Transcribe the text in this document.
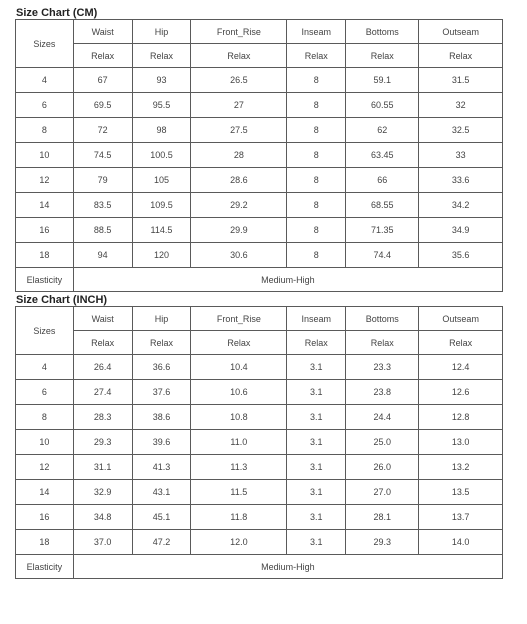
Size Chart (CM)
Sizes	Waist	Hip	Front_Rise	Inseam	Bottoms	Outseam
	Relax	Relax	Relax	Relax	Relax	Relax
4	67	93	26.5	8	59.1	31.5
6	69.5	95.5	27	8	60.55	32
8	72	98	27.5	8	62	32.5
10	74.5	100.5	28	8	63.45	33
12	79	105	28.6	8	66	33.6
14	83.5	109.5	29.2	8	68.55	34.2
16	88.5	114.5	29.9	8	71.35	34.9
18	94	120	30.6	8	74.4	35.6
Elasticity	Medium-High					
Size Chart (INCH)
Sizes	Waist	Hip	Front_Rise	Inseam	Bottoms	Outseam
	Relax	Relax	Relax	Relax	Relax	Relax
4	26.4	36.6	10.4	3.1	23.3	12.4
6	27.4	37.6	10.6	3.1	23.8	12.6
8	28.3	38.6	10.8	3.1	24.4	12.8
10	29.3	39.6	11.0	3.1	25.0	13.0
12	31.1	41.3	11.3	3.1	26.0	13.2
14	32.9	43.1	11.5	3.1	27.0	13.5
16	34.8	45.1	11.8	3.1	28.1	13.7
18	37.0	47.2	12.0	3.1	29.3	14.0
Elasticity	Medium-High					
